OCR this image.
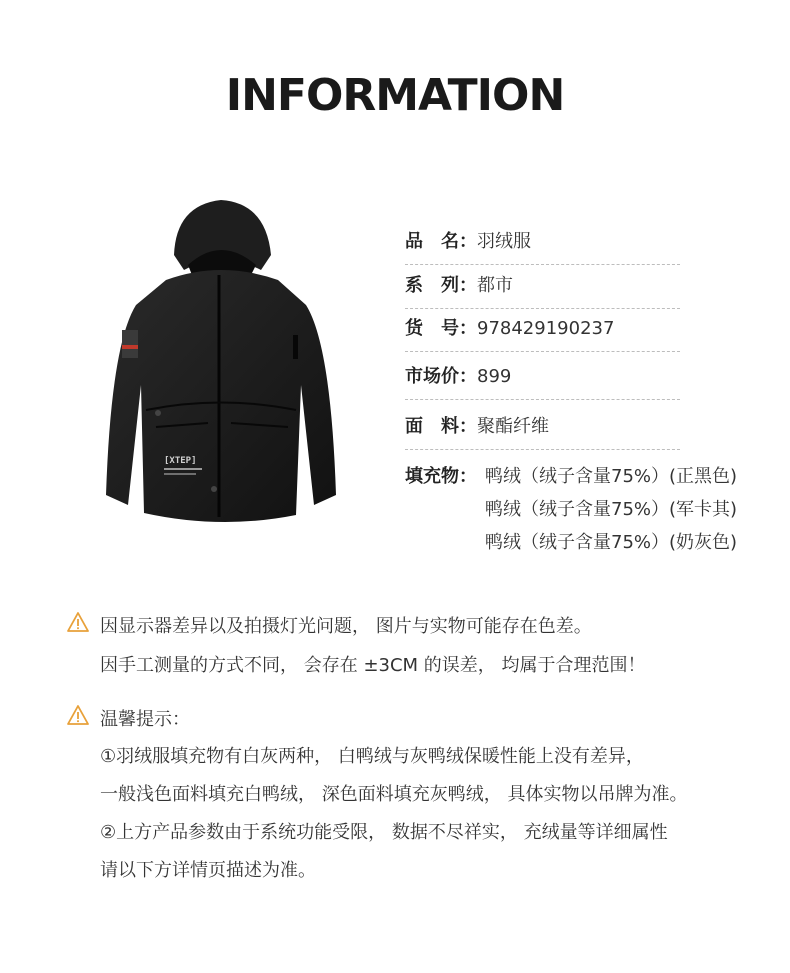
INFORMATION
[XTEP]
品　名：羽绒服
系　列：都市
货　号：978429190237
市场价：899
面　料：聚酯纤维
填充物： 鸭绒（绒子含量75%）(正黑色)
鸭绒（绒子含量75%）(军卡其)
鸭绒（绒子含量75%）(奶灰色)
因显示器差异以及拍摄灯光问题， 图片与实物可能存在色差。
因手工测量的方式不同， 会存在 ±3CM 的误差， 均属于合理范围！
温馨提示：
①羽绒服填充物有白灰两种， 白鸭绒与灰鸭绒保暖性能上没有差异，
一般浅色面料填充白鸭绒， 深色面料填充灰鸭绒， 具体实物以吊牌为准。
②上方产品参数由于系统功能受限， 数据不尽祥实， 充绒量等详细属性
请以下方详情页描述为准。
